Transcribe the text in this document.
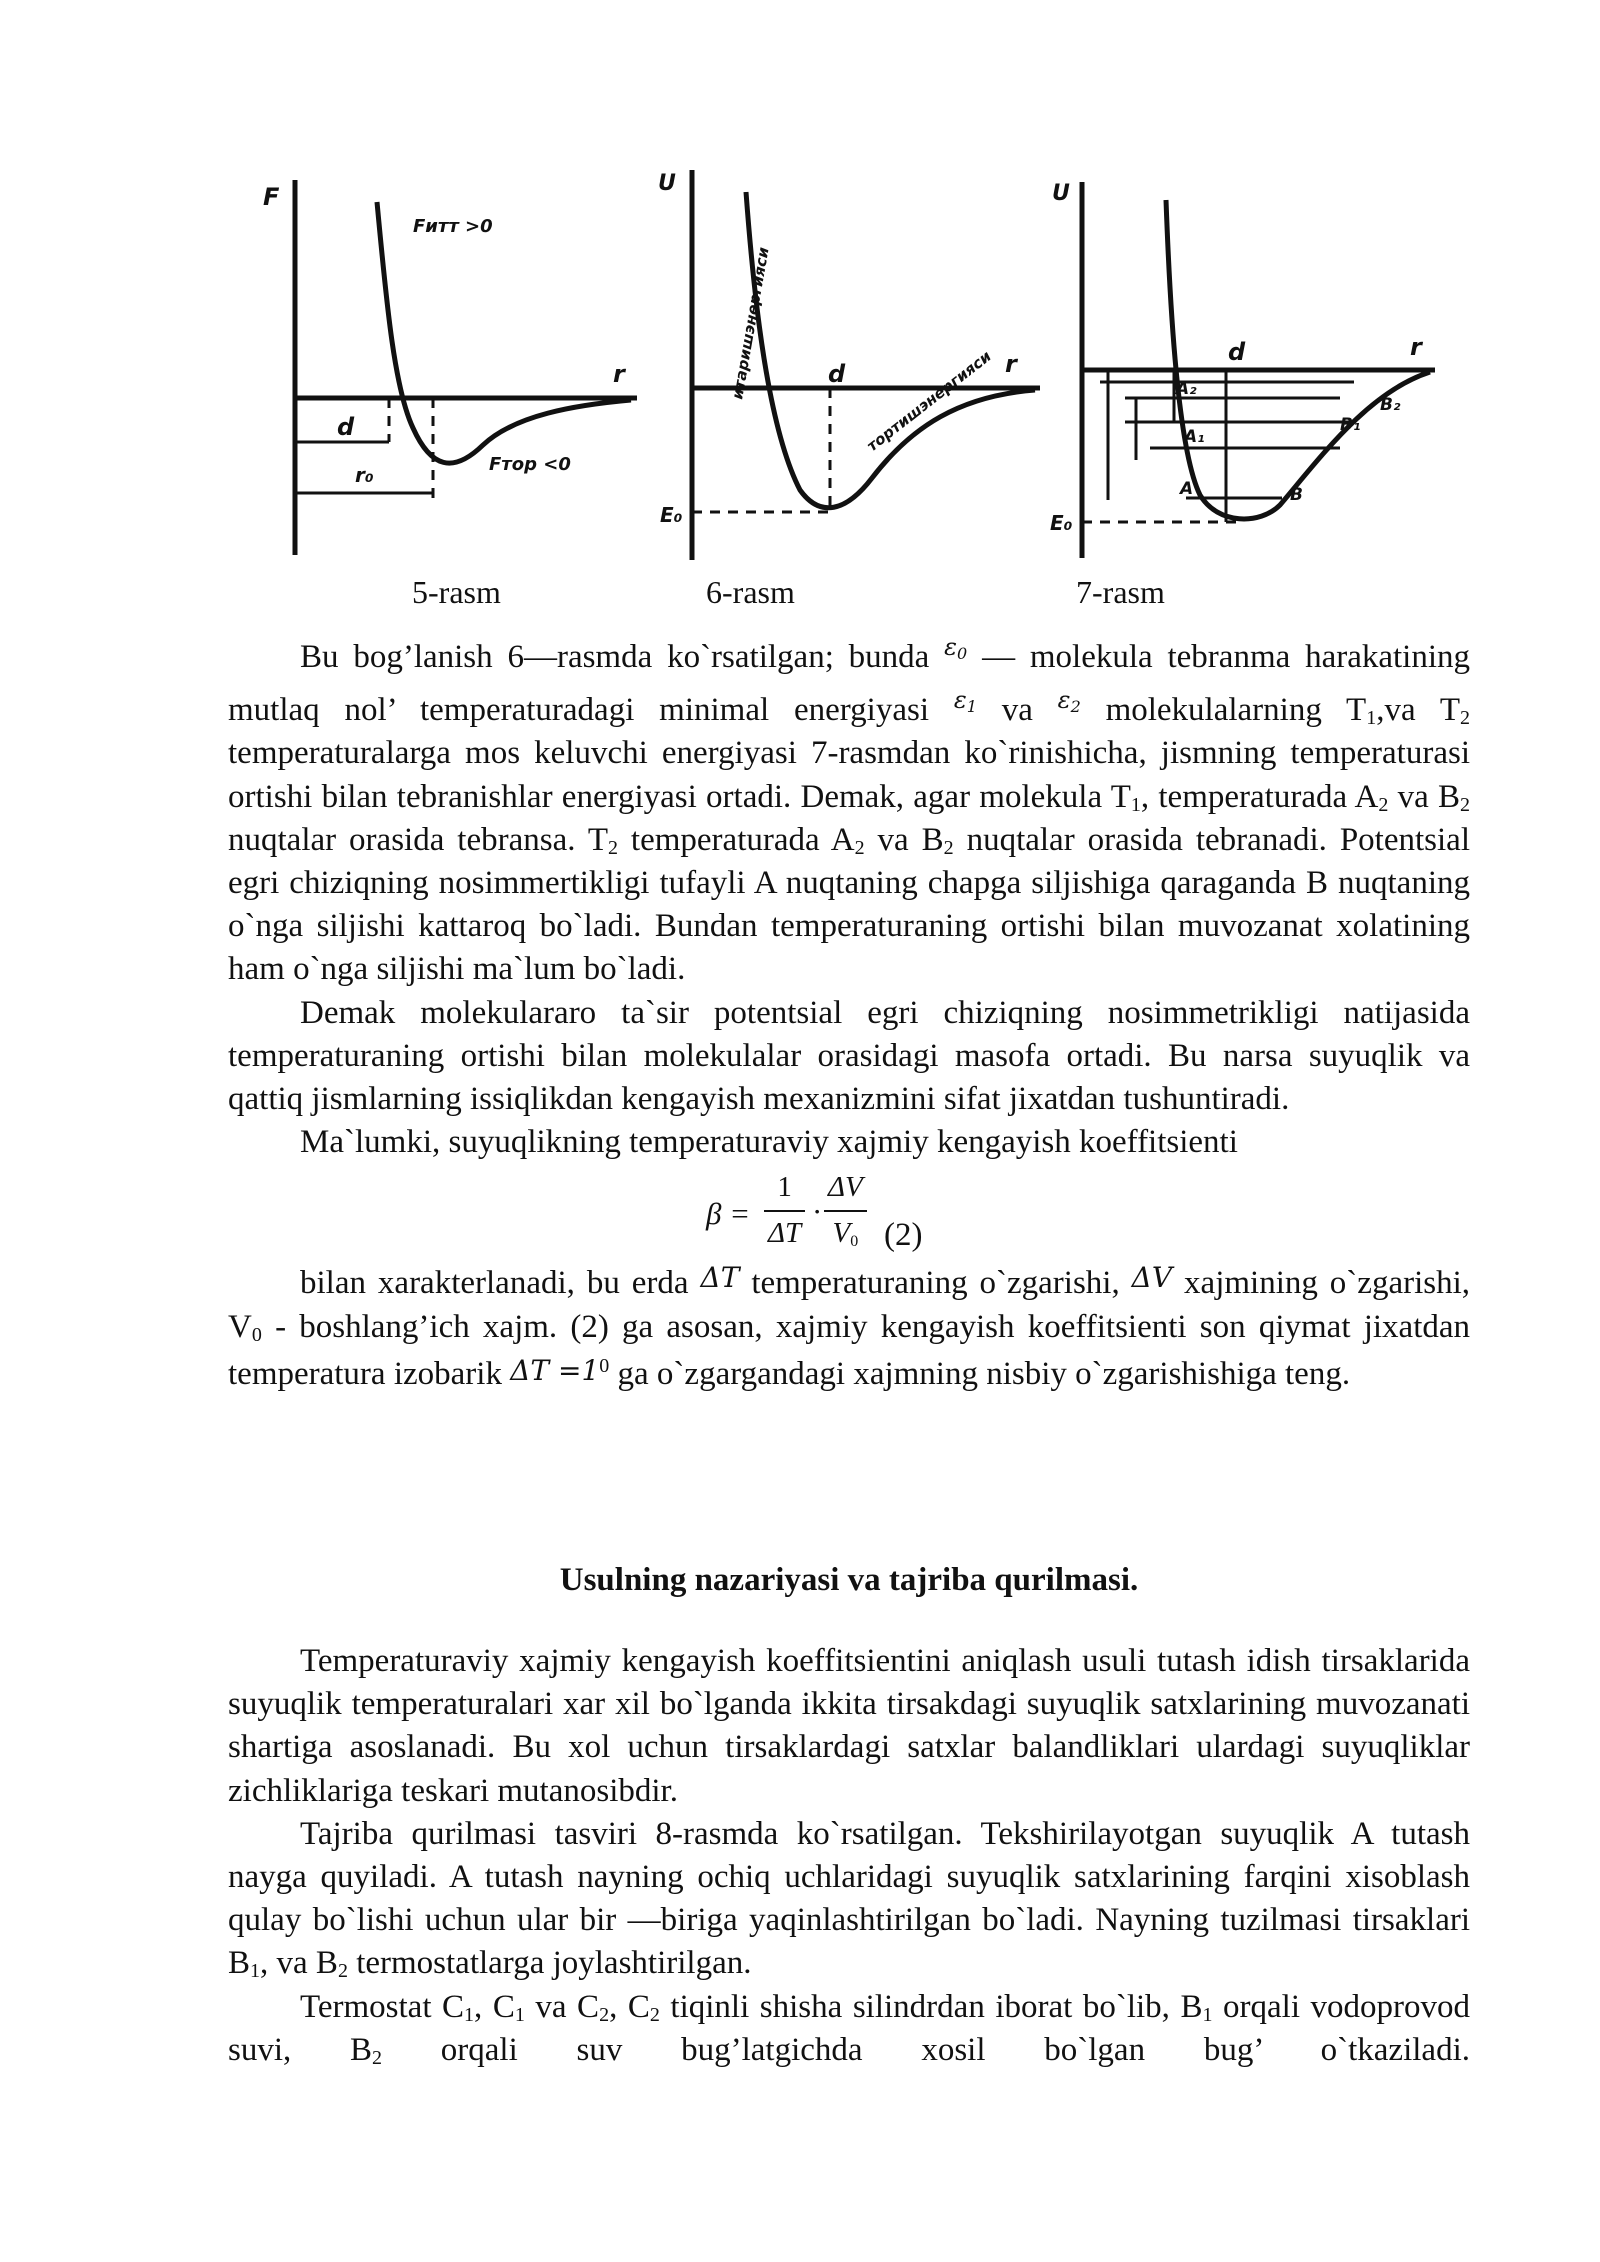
F
r
Fитт >0
Fтор <0
d
r₀
5-rasm
U
r
E₀
d
итаришэнергияси
тортишэнергияси
6-rasm
U
r
E₀
d
A₂
B₂
A₁
B₁
A	B
7-rasm

Bu bog’lanish 6—rasmda ko`rsatilgan; bunda $^\varepsilon_0$ — molekula tebranma harakatining mutlaq nol’ temperaturadagi minimal energiyasi $^\varepsilon_1$ va $^\varepsilon_2$ molekulalarning $T_1,va$ $T_2$ temperaturalarga mos keluvchi energiyasi 7-rasmdan ko`rinishicha, jismning temperaturasi ortishi bilan tebranishlar energiyasi ortadi. Demak, agar molekula $T_1$, temperaturada $A_2$ va $B_2$ nuqtalar orasida tebransa. $T_2$ temperaturada $A_2$ va $B_2$ nuqtalar orasida tebranadi. Potentsial egri chiziqning nosimmertikligi tufayli A nuqtaning chapga siljishiga qaraganda B nuqtaning o`nga siljishi kattaroq bo`ladi. Bundan temperaturaning ortishi bilan muvozanat xolatining ham o`nga siljishi ma`lum bo`ladi.

Demak molekulararo ta`sir potentsial egri chiziqning nosimmetrikligi natijasida temperaturaning ortishi bilan molekulalar orasidagi masofa ortadi. Bu narsa suyuqlik va qattiq jismlarning issiqlikdan kengayish mexanizmini sifat jixatdan tushuntiradi.

Ma`lumki, suyuqlikning temperaturaviy xajmiy kengayish koeffitsienti

$\beta = \frac{1}{\Delta T} \cdot \frac{\Delta V}{V_0} (2)$

bilan xarakterlanadi, bu erda ΔT temperaturaning o`zgarishi, ΔV xajmining o`zgarishi, $V_0$ - boshlang’ich xajm. (2) ga asosan, xajmiy kengayish koeffitsienti son qiymat jixatdan temperatura izobarik $\Delta T =1^0$ ga o`zgargandagi xajmning nisbiy o`zgarishishiga teng.

Usulning nazariyasi va tajriba qurilmasi.

Temperaturaviy xajmiy kengayish koeffitsientini aniqlash usuli tutash idish tirsaklarida suyuqlik temperaturalari xar xil bo`lganda ikkita tirsakdagi suyuqlik satxlarining muvozanati shartiga asoslanadi. Bu xol uchun tirsaklardagi satxlar balandliklari ulardagi suyuqliklar zichliklariga teskari mutanosibdir.

Tajriba qurilmasi tasviri 8-rasmda ko`rsatilgan. Tekshirilayotgan suyuqlik A tutash nayga quyiladi. A tutash nayning ochiq uchlaridagi suyuqlik satxlarining farqini xisoblash qulay bo`lishi uchun ular bir —biriga yaqinlashtirilgan bo`ladi. Nayning tuzilmasi tirsaklari $B_1$, va $B_2$ termostatlarga joylashtirilgan.

Termostat $C_1$, $C_1$ va $C_2$, $C_2$ tiqinli shisha silindrdan iborat bo`lib, $B_1$ orqali vodoprovod suvi, $B_2$ orqali suv bug’latgichda xosil bo`lgan bug’ o`tkaziladi.
